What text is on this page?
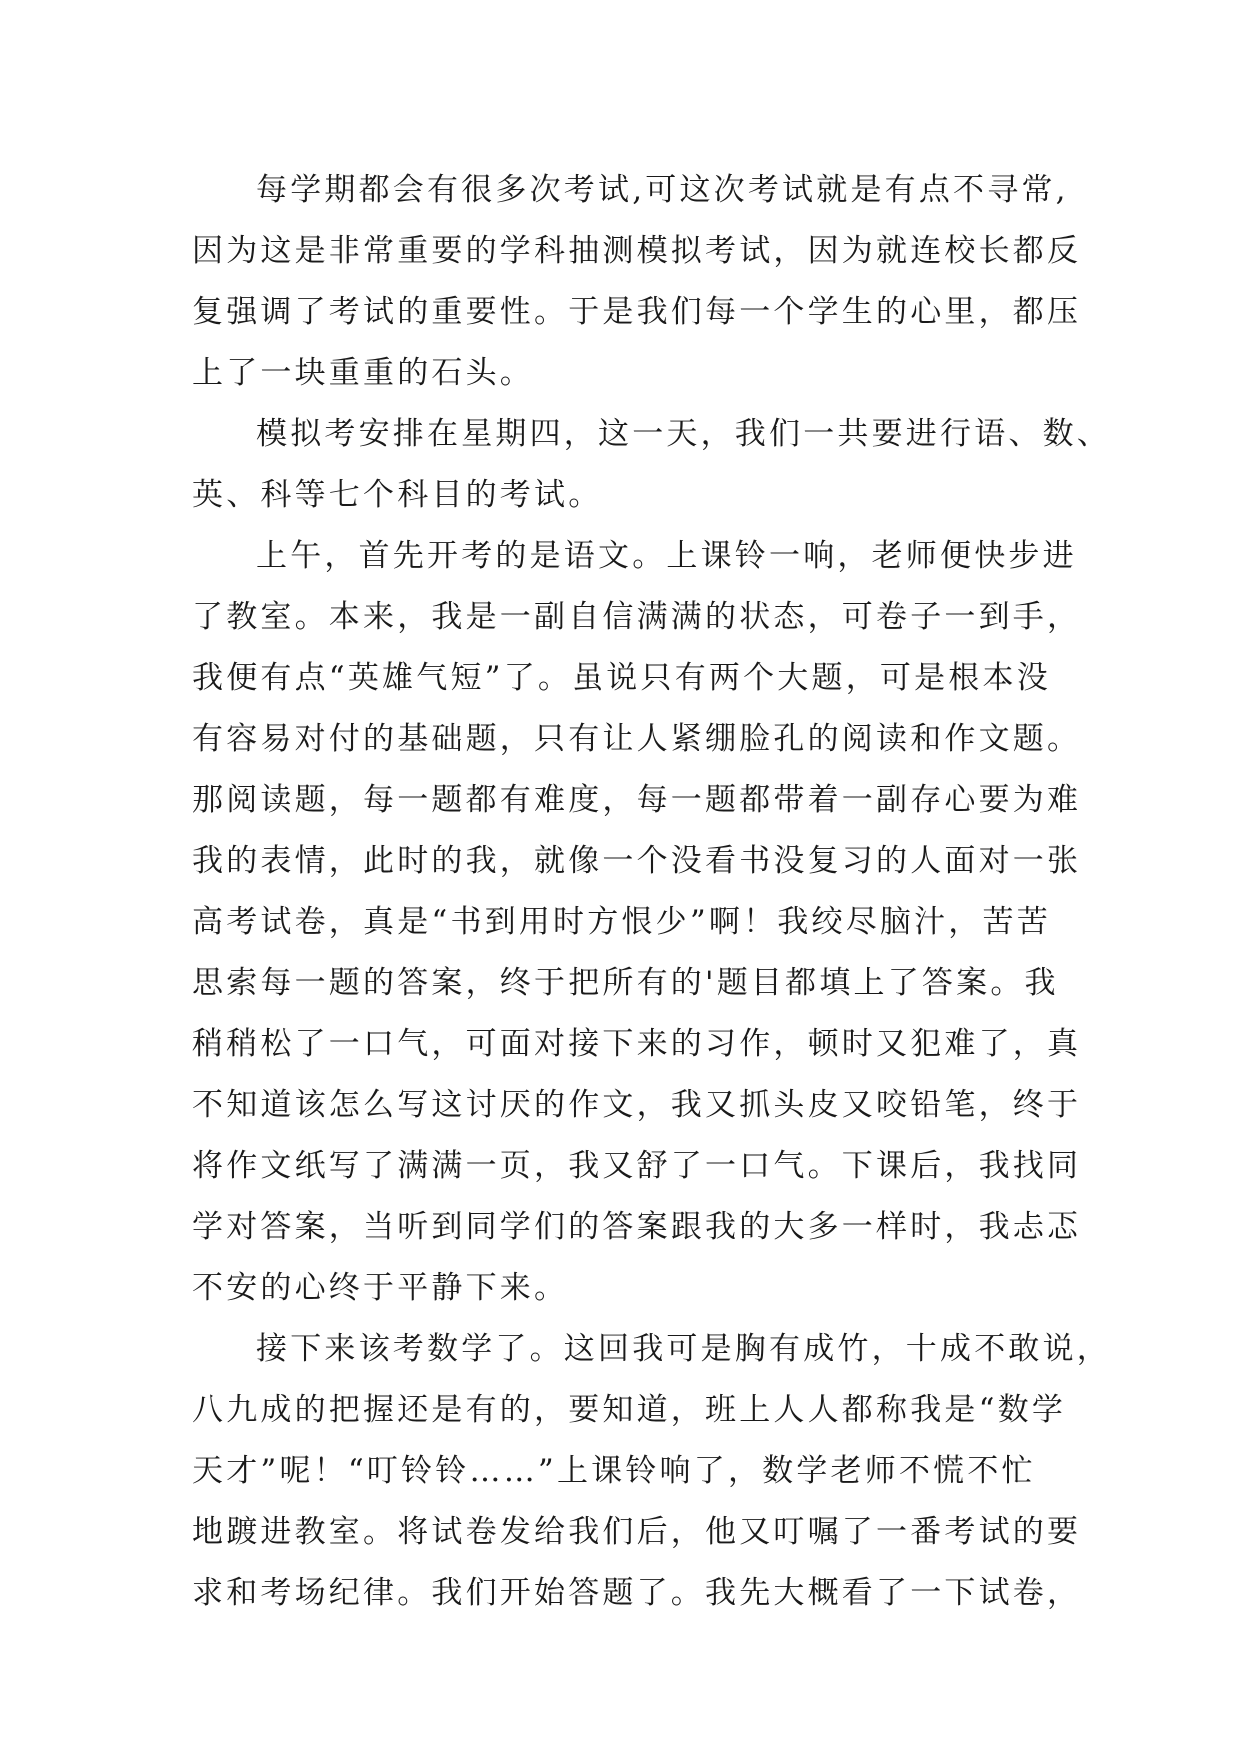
每学期都会有很多次考试,可这次考试就是有点不寻常,
因为这是非常重要的学科抽测模拟考试，因为就连校长都反
复强调了考试的重要性。于是我们每一个学生的心里，都压
上了一块重重的石头。
模拟考安排在星期四，这一天，我们一共要进行语、数、
英、科等七个科目的考试。
上午，首先开考的是语文。上课铃一响，老师便快步进
了教室。本来，我是一副自信满满的状态，可卷子一到手，
我便有点“英雄气短”了。虽说只有两个大题，可是根本没
有容易对付的基础题，只有让人紧绷脸孔的阅读和作文题。
那阅读题，每一题都有难度，每一题都带着一副存心要为难
我的表情，此时的我，就像一个没看书没复习的人面对一张
高考试卷，真是“书到用时方恨少”啊！我绞尽脑汁，苦苦
思索每一题的答案，终于把所有的'题目都填上了答案。我
稍稍松了一口气，可面对接下来的习作，顿时又犯难了，真
不知道该怎么写这讨厌的作文，我又抓头皮又咬铅笔，终于
将作文纸写了满满一页，我又舒了一口气。下课后，我找同
学对答案，当听到同学们的答案跟我的大多一样时，我忐忑
不安的心终于平静下来。
接下来该考数学了。这回我可是胸有成竹，十成不敢说，
八九成的把握还是有的，要知道，班上人人都称我是“数学
天才”呢！“叮铃铃……”上课铃响了，数学老师不慌不忙
地踱进教室。将试卷发给我们后，他又叮嘱了一番考试的要
求和考场纪律。我们开始答题了。我先大概看了一下试卷，
